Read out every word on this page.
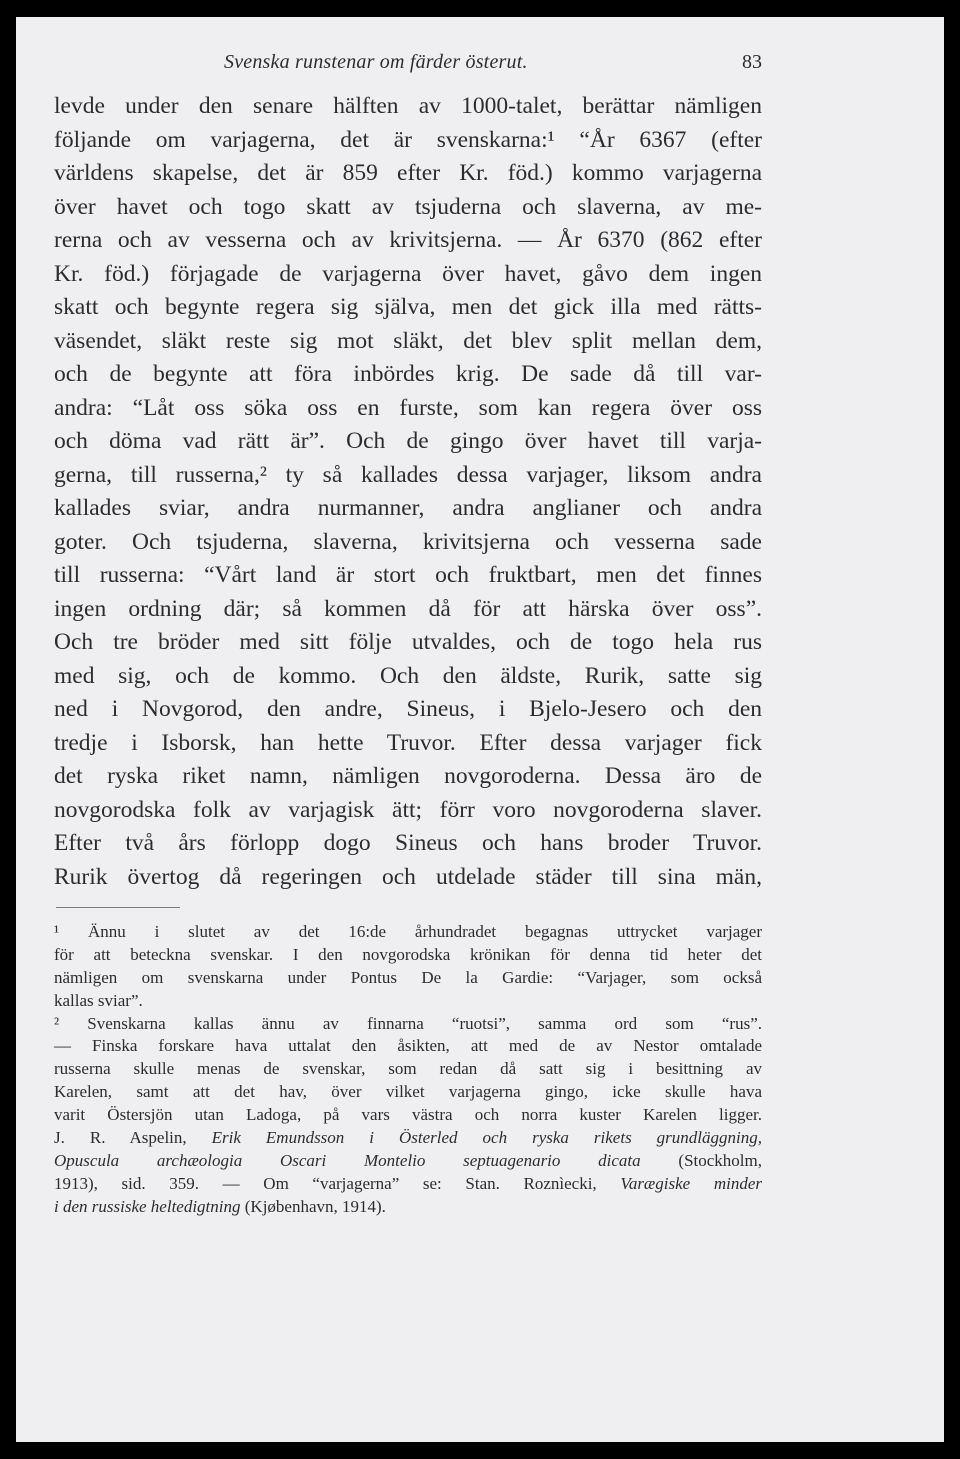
Svenska runstenar om färder österut.	83
levde under den senare hälften av 1000-talet, berättar nämligen
följande om varjagerna, det är svenskarna:¹ “År 6367 (efter
världens skapelse, det är 859 efter Kr. föd.) kommo varjagerna
över havet och togo skatt av tsjuderna och slaverna, av me-
rerna och av vesserna och av krivitsjerna. — År 6370 (862 efter
Kr. föd.) förjagade de varjagerna över havet, gåvo dem ingen
skatt och begynte regera sig själva, men det gick illa med rätts-
väsendet, släkt reste sig mot släkt, det blev split mellan dem,
och de begynte att föra inbördes krig. De sade då till var-
andra: “Låt oss söka oss en furste, som kan regera över oss
och döma vad rätt är”. Och de gingo över havet till varja-
gerna, till russerna,² ty så kallades dessa varjager, liksom andra
kallades sviar, andra nurmanner, andra anglianer och andra
goter. Och tsjuderna, slaverna, krivitsjerna och vesserna sade
till russerna: “Vårt land är stort och fruktbart, men det finnes
ingen ordning där; så kommen då för att härska över oss”.
Och tre bröder med sitt följe utvaldes, och de togo hela rus
med sig, och de kommo. Och den äldste, Rurik, satte sig
ned i Novgorod, den andre, Sineus, i Bjelo-Jesero och den
tredje i Isborsk, han hette Truvor. Efter dessa varjager fick
det ryska riket namn, nämligen novgoroderna. Dessa äro de
novgorodska folk av varjagisk ätt; förr voro novgoroderna slaver.
Efter två års förlopp dogo Sineus och hans broder Truvor.
Rurik övertog då regeringen och utdelade städer till sina män,
¹ Ännu i slutet av det 16:de århundradet begagnas uttrycket varjager
för att beteckna svenskar. I den novgorodska krönikan för denna tid heter det
nämligen om svenskarna under Pontus De la Gardie: “Varjager, som också
kallas sviar”.
² Svenskarna kallas ännu av finnarna “ruotsi”, samma ord som “rus”.
— Finska forskare hava uttalat den åsikten, att med de av Nestor omtalade
russerna skulle menas de svenskar, som redan då satt sig i besittning av
Karelen, samt att det hav, över vilket varjagerna gingo, icke skulle hava
varit Östersjön utan Ladoga, på vars västra och norra kuster Karelen ligger.
J. R. Aspelin, Erik Emundsson i Österled och ryska rikets grundläggning,
Opuscula archæologia Oscari Montelio septuagenario dicata (Stockholm,
1913), sid. 359. — Om “varjagerna” se: Stan. Roznìecki, Varægiske minder
i den russiske heltedigtning (Kjøbenhavn, 1914).
